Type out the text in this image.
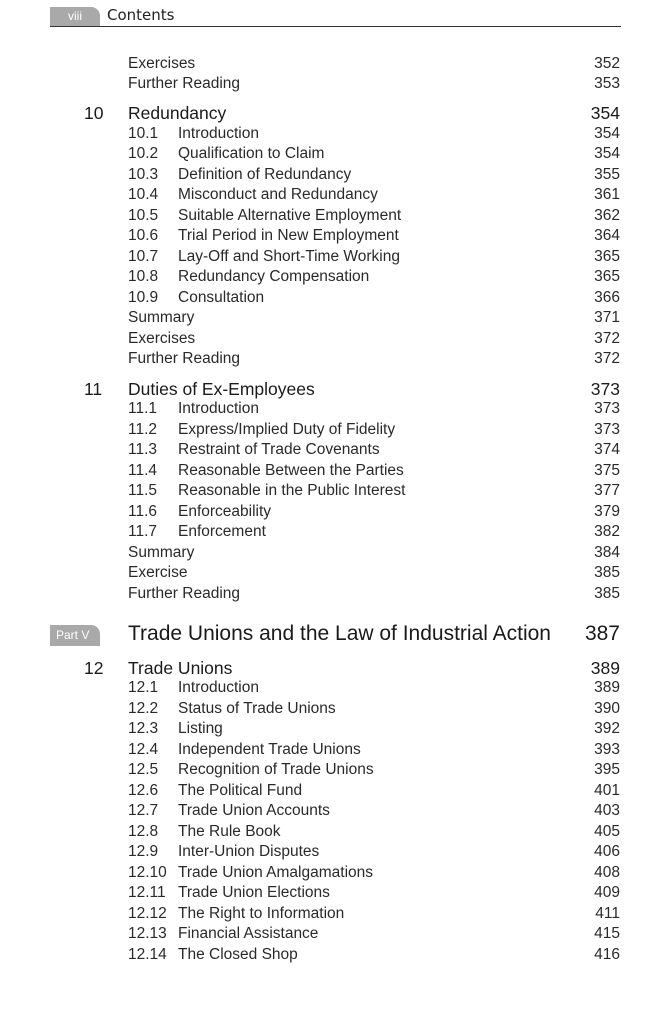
viii	Contents
Exercises	352
Further Reading	353
10 Redundancy	354
10.1 Introduction	354
10.2 Qualification to Claim	354
10.3 Definition of Redundancy	355
10.4 Misconduct and Redundancy	361
10.5 Suitable Alternative Employment	362
10.6 Trial Period in New Employment	364
10.7 Lay-Off and Short-Time Working	365
10.8 Redundancy Compensation	365
10.9 Consultation	366
Summary	371
Exercises	372
Further Reading	372
11 Duties of Ex-Employees	373
11.1 Introduction	373
11.2 Express/Implied Duty of Fidelity	373
11.3 Restraint of Trade Covenants	374
11.4 Reasonable Between the Parties	375
11.5 Reasonable in the Public Interest	377
11.6 Enforceability	379
11.7 Enforcement	382
Summary	384
Exercise	385
Further Reading	385
Part V	Trade Unions and the Law of Industrial Action 387
12 Trade Unions	389
12.1 Introduction	389
12.2 Status of Trade Unions	390
12.3 Listing	392
12.4 Independent Trade Unions	393
12.5 Recognition of Trade Unions	395
12.6 The Political Fund	401
12.7 Trade Union Accounts	403
12.8 The Rule Book	405
12.9 Inter-Union Disputes	406
12.10 Trade Union Amalgamations	408
12.11 Trade Union Elections	409
12.12 The Right to Information	411
12.13 Financial Assistance	415
12.14 The Closed Shop	416
